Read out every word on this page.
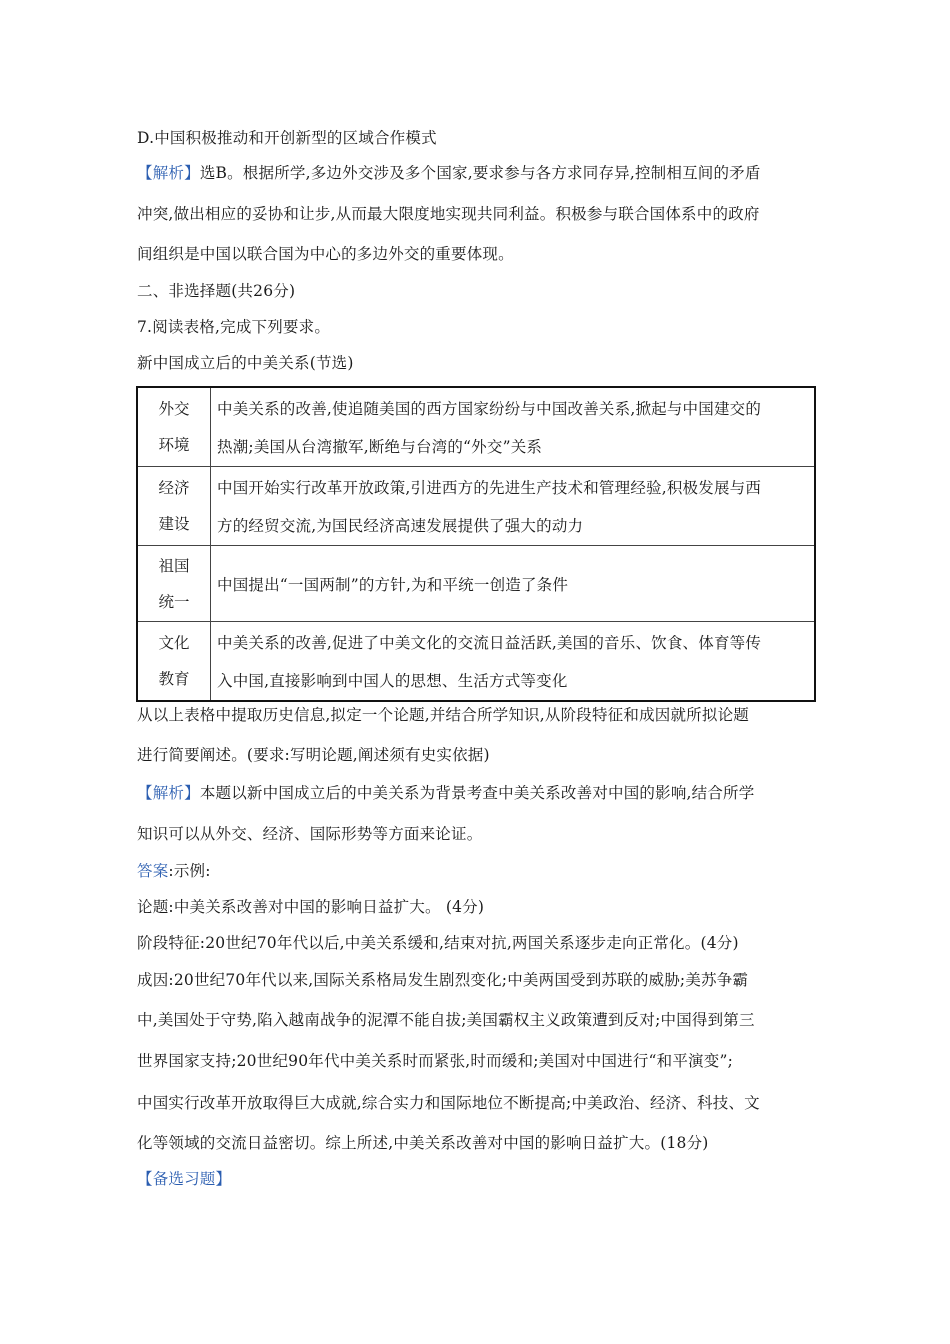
D.中国积极推动和开创新型的区域合作模式
【解析】选B。根据所学,多边外交涉及多个国家,要求参与各方求同存异,控制相互间的矛盾
冲突,做出相应的妥协和让步,从而最大限度地实现共同利益。积极参与联合国体系中的政府
间组织是中国以联合国为中心的多边外交的重要体现。
二、非选择题(共26分)
7.阅读表格,完成下列要求。
新中国成立后的中美关系(节选)
外交
环境	中美关系的改善,使追随美国的西方国家纷纷与中国改善关系,掀起与中国建交的
热潮;美国从台湾撤军,断绝与台湾的“外交”关系

经济
建设	中国开始实行改革开放政策,引进西方的先进生产技术和管理经验,积极发展与西
方的经贸交流,为国民经济高速发展提供了强大的动力

祖国
统一	中国提出“一国两制”的方针,为和平统一创造了条件

文化
教育	中美关系的改善,促进了中美文化的交流日益活跃,美国的音乐、饮食、体育等传
入中国,直接影响到中国人的思想、生活方式等变化
从以上表格中提取历史信息,拟定一个论题,并结合所学知识,从阶段特征和成因就所拟论题
进行简要阐述。(要求:写明论题,阐述须有史实依据)
【解析】本题以新中国成立后的中美关系为背景考查中美关系改善对中国的影响,结合所学
知识可以从外交、经济、国际形势等方面来论证。
答案:示例:
论题:中美关系改善对中国的影响日益扩大。 (4分)
阶段特征:20世纪70年代以后,中美关系缓和,结束对抗,两国关系逐步走向正常化。(4分)
成因:20世纪70年代以来,国际关系格局发生剧烈变化;中美两国受到苏联的威胁;美苏争霸
中,美国处于守势,陷入越南战争的泥潭不能自拔;美国霸权主义政策遭到反对;中国得到第三
世界国家支持;20世纪90年代中美关系时而紧张,时而缓和;美国对中国进行“和平演变”;
中国实行改革开放取得巨大成就,综合实力和国际地位不断提高;中美政治、经济、科技、文
化等领域的交流日益密切。综上所述,中美关系改善对中国的影响日益扩大。(18分)
【备选习题】
